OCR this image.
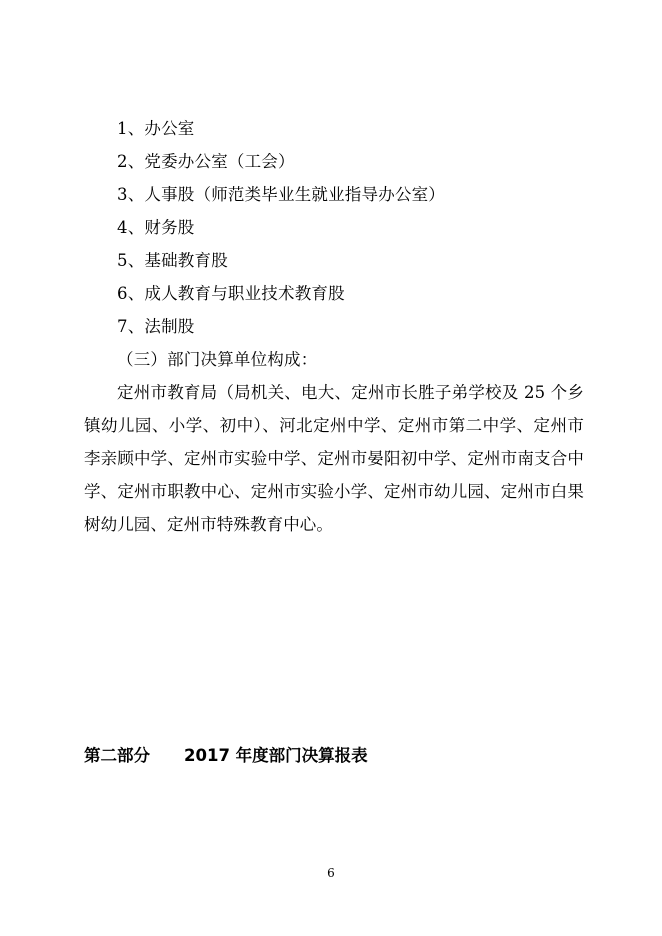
1、办公室
2、党委办公室（工会）
3、人事股（师范类毕业生就业指导办公室）
4、财务股
5、基础教育股
6、成人教育与职业技术教育股
7、法制股
（三）部门决算单位构成：
定州市教育局（局机关、电大、定州市长胜子弟学校及 25 个乡镇幼儿园、小学、初中）、河北定州中学、定州市第二中学、定州市李亲顾中学、定州市实验中学、定州市晏阳初中学、定州市南支合中学、定州市职教中心、定州市实验小学、定州市幼儿园、定州市白果树幼儿园、定州市特殊教育中心。
第二部分 2017 年度部门决算报表
6
